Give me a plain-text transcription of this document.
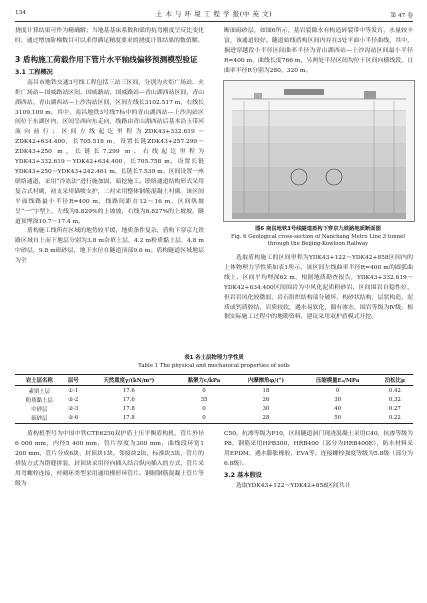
134	土 木 与 环 境 工 程 学 报(中 英 文)	第 47 卷

挠度计算结果可作为精确解；当地基基床系数和梁的抗弯刚度呈反比变化时，通过增加阶梯数目可以求得满足精度要求的挠度计算结果的数值解。

3 盾构施工荷载作用下管片水平轴线偏移预测模型验证
3.1 工程概况

南昌市地铁交通3号线工程包括三站三区间，分别为火炬广场站、火炬广场站—国威路站区间、国威路站、国威路站—青山湖西站区间、青山湖西站、青山湖西站—上沙沟站区间，区间左线长3102.517 m，右线长3109.109 m。其中，南昌地铁3号线7标中的青山湖西站—上沙沟站区间位于东湖区内，区间呈西向东走向，线路由青山湖西站后基本沿玉带河流向前行；区间左线起讫里程为ZDK43+332.619～ZDK42+634.400，长705.518 m，设置长链ZDK43+257.299～ZDK43+250 m，长链长7.299 m。右线起讫里程为YDK43+332.619～YDK42+634.400，长705.758 m，设置长链YDK43+250～YDK43+242.461 m，长链长7.539 m。区间设置一座联络通道，采用“冷冻法”进行施加固，暗挖施工。联络通道结构形式采用复合式衬砌，初支采用锚喷支护，二衬采用整体钢筋混凝土衬砌。该区间平面线路最小半径R=400 m，线路间距在12～16 m，区间纵坡呈“一”字型上，左线为8.829%的上坡坡，右线为8.827%的上坡坡，隧道顶埋深10.7～17.4 m。

盾构施工线所在区域的地势较平缓，地质条件复杂，盾构下穿京九铁路区域自上而下地层分别为3.8 m杂填土层，4.2 m粉质黏土层，4.8 m中砂层，9.8 m砾砂层，地下水位在隧道顶部9.6 m。盾构隧道区域地层为全

断面砾砂层，如图6所示，基岩裂隙水有构造碎裂带中等发育，水量较丰富，该通道较好。隧道始线盾构区间内存在3处平面小半径曲线，其中，掘进穿越段小半径区间曲率半径为青山湖西站—上沙沟站区间最小半径R=400 m，曲线长度766 m，另两处半径区间均位于区间向横线段，且曲率半径R分别为280，320 m。

图6 南昌地铁3号线隧道盾构下穿京九铁路地质断面图
Fig. 6 Geological cross-section of Nanchang Metro Line 3 tunnel through the Beijing-Kowloon Railway

选取盾构施工的区间里程为YDK43+122～YDK42+858区间内的上体物理力学性质如表1所示，该区间左线曲率半径R=400 m的圆弧曲线上，区间平均埋深62 m，根据地质勘查报告，YDK43+332.619～YDK42+634.400区间围岩为中风化泥质粉砂岩，区间围岩自稳性好，但岩岩风化较微弱，岩石组织结构部分破坏，构砂状结构，层状构造，泥质或钙质胶结，岩质较软，遇水易软化，偶有渗水，围岩等级为Ⅳ级。根据实际施工过程中的地勘资料，建议采用双护盾模式开挖。

表1 各土层物理力学性质
Table 1 The physical and mechanical properties of soils
岩土层名称	层号	天然重度γ/(kN/m³)	黏聚力c/kPa	内摩擦角φ/(°)	压缩模量E₀/MPa	泊松比μ
素填土层	①-1	17.6	0	18	0	0.42
粉质黏土层	②-2	17.6	35	26	30	0.32
中砂层	②-3	17.8	0	30	40	0.27
砾砂层	②-6	17.8	0	28	50	0.22

盾构机型号为中国中铁CTE6250双护盾土压平衡盾构机，管片外径6 000 mm，内径5 400 mm，管片厚度为300 mm，曲线段环宽1 200 mm，管片分成6块，封顶块1块、邻接块2块、标准块3块，管片的拼装方式为错缝拼装，封顶块采用径向插入结合纵向插入的方式，管片采用弯螺栓连接，衬砌环类型采用通用楔形环管片。钢制钢筋混凝土管片等级为

C50，抗渗等级为P10，区间隧道洞门现浇混凝土采用C40，抗渗等级为P8，钢筋采用HPB300、HRB400（部分为HRB400E），防水材料采用EPDM，遇水膨胀橡胶，EVA等。连接螺栓强度等级为5.8级（部分为6.8级）。

3.2 基本假设

选取YDK43+122～YDK42+858区间共计
